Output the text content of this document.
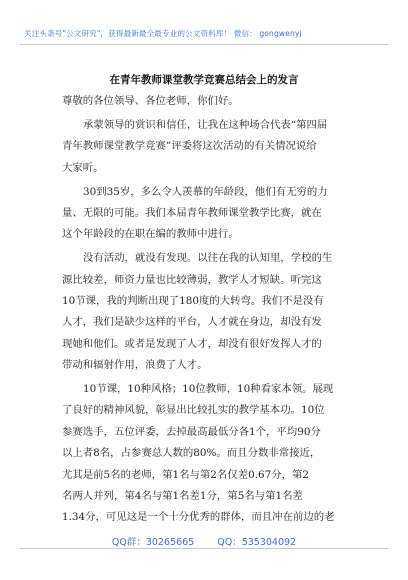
关注头条号"公文研究"，获得最新最全最专业的公文资料库！ 微信： gongwenyj
在青年教师课堂教学竞赛总结会上的发言
尊敬的各位领导、各位老师，你们好。
承蒙领导的赏识和信任，让我在这种场合代表“第四届
青年教师课堂教学竞赛”评委将这次活动的有关情况说给
大家听。
30到35岁，多么令人羡慕的年龄段，他们有无穷的力
量、无限的可能。我们本届青年教师课堂教学比赛，就在
这个年龄段的在职在编的教师中进行。
没有活动，就没有发现。以往在我的认知里，学校的生
源比较差，师资力量也比较薄弱，教学人才短缺。听完这
10节课，我的判断出现了180度的大转弯。我们不是没有
人才，我们是缺少这样的平台，人才就在身边，却没有发
现她和他们。或者是发现了人才，却没有很好发挥人才的
带动和辐射作用，浪费了人才。
10节课，10种风格；10位教师，10种看家本领。展现
了良好的精神风貌，彰显出比较扎实的教学基本功。10位
参赛选手，五位评委，去掉最高最低分各1个，平均90分
以上者8名，占参赛总人数的80%。而且分数非常接近，
尤其是前5名的老师，第1名与第2名仅差0.67分，第2
名两人并列，第4名与第1名差1分，第5名与第1名差
1.34分，可见这是一个十分优秀的群体，而且冲在前边的老
QQ群：30265665 QQ：535304092
